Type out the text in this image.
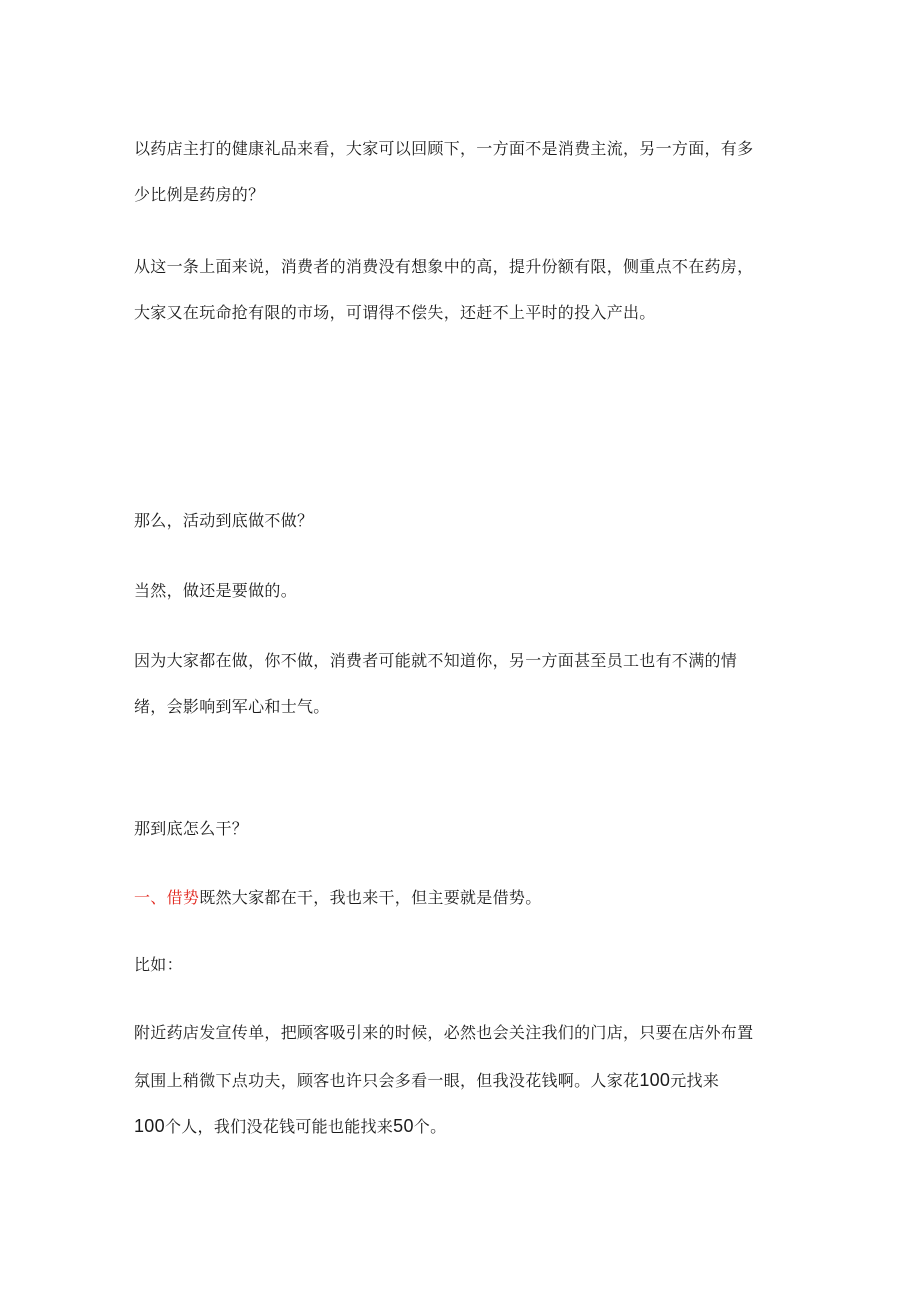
以药店主打的健康礼品来看，大家可以回顾下，一方面不是消费主流，另一方面，有多
少比例是药房的？
从这一条上面来说，消费者的消费没有想象中的高，提升份额有限，侧重点不在药房，
大家又在玩命抢有限的市场，可谓得不偿失，还赶不上平时的投入产出。
那么，活动到底做不做？
当然，做还是要做的。
因为大家都在做，你不做，消费者可能就不知道你，另一方面甚至员工也有不满的情
绪，会影响到军心和士气。
那到底怎么干？
一、借势既然大家都在干，我也来干，但主要就是借势。
比如：
附近药店发宣传单，把顾客吸引来的时候，必然也会关注我们的门店，只要在店外布置
氛围上稍微下点功夫，顾客也许只会多看一眼，但我没花钱啊。人家花100元找来
100个人，我们没花钱可能也能找来50个。
